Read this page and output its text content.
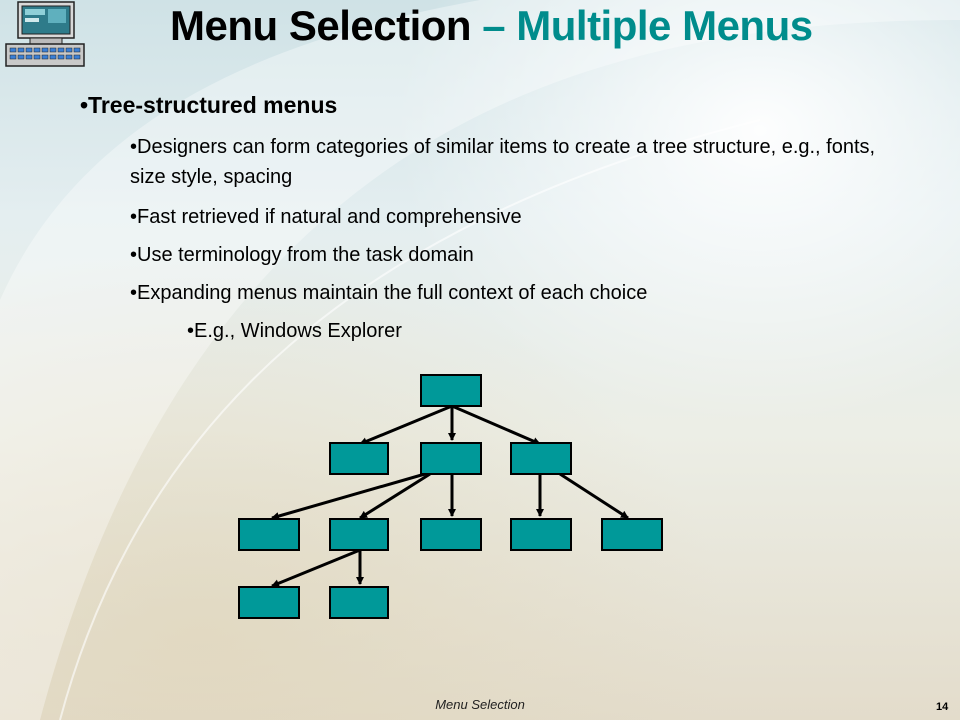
Menu Selection – Multiple Menus
•Tree-structured menus
•Designers can form categories of similar items to create a tree structure, e.g., fonts, size style, spacing
•Fast retrieved if natural and comprehensive
•Use terminology from the task domain
•Expanding menus maintain the full context of each choice
•E.g., Windows Explorer
Menu Selection	14
